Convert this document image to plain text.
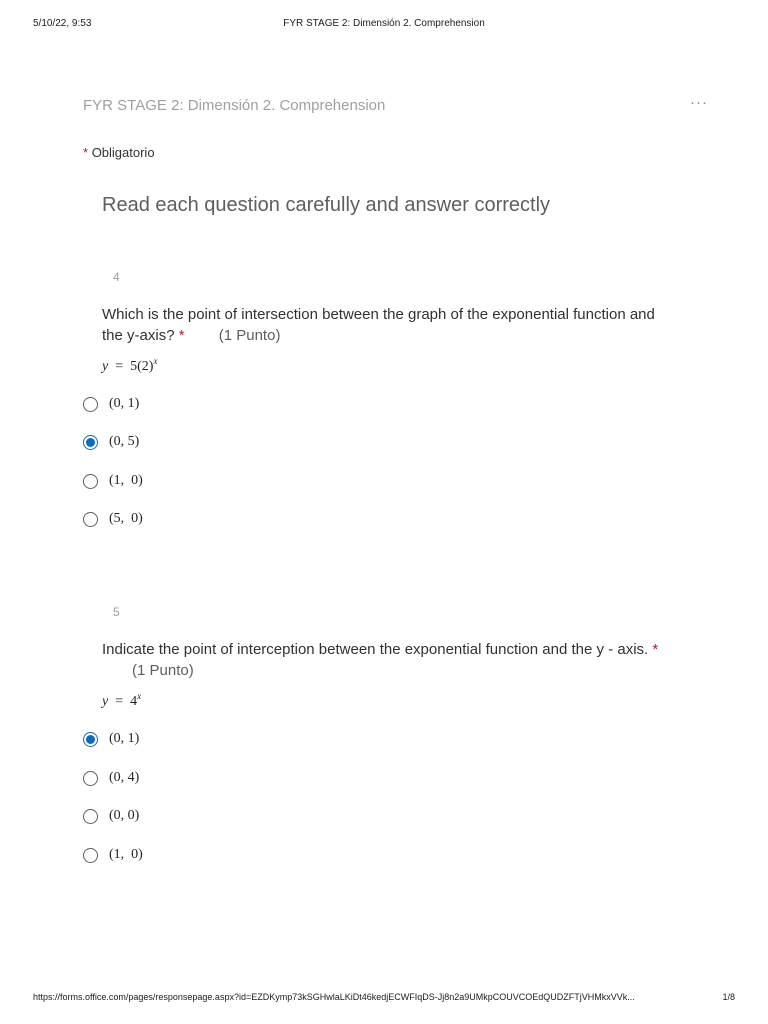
5/10/22, 9:53	FYR STAGE 2: Dimensión 2. Comprehension
FYR STAGE 2: Dimensión 2. Comprehension	···
* Obligatorio
Read each question carefully and answer correctly
4
Which is the point of intersection between the graph of the exponential function and the y-axis? * (1 Punto)
$y = 5(2)^x$
(0, 1)
(0, 5)
(1,  0)
(5,  0)
5
Indicate the point of interception between the exponential function and the y - axis. * (1 Punto)
$y = 4^x$
(0, 1)
(0, 4)
(0, 0)
(1,  0)
https://forms.office.com/pages/responsepage.aspx?id=EZDKymp73kSGHwlaLKiDt46kedjECWFIqDS-Jj8n2a9UMkpCOUVCOEdQUDZFTjVHMkxVVk...	1/8
